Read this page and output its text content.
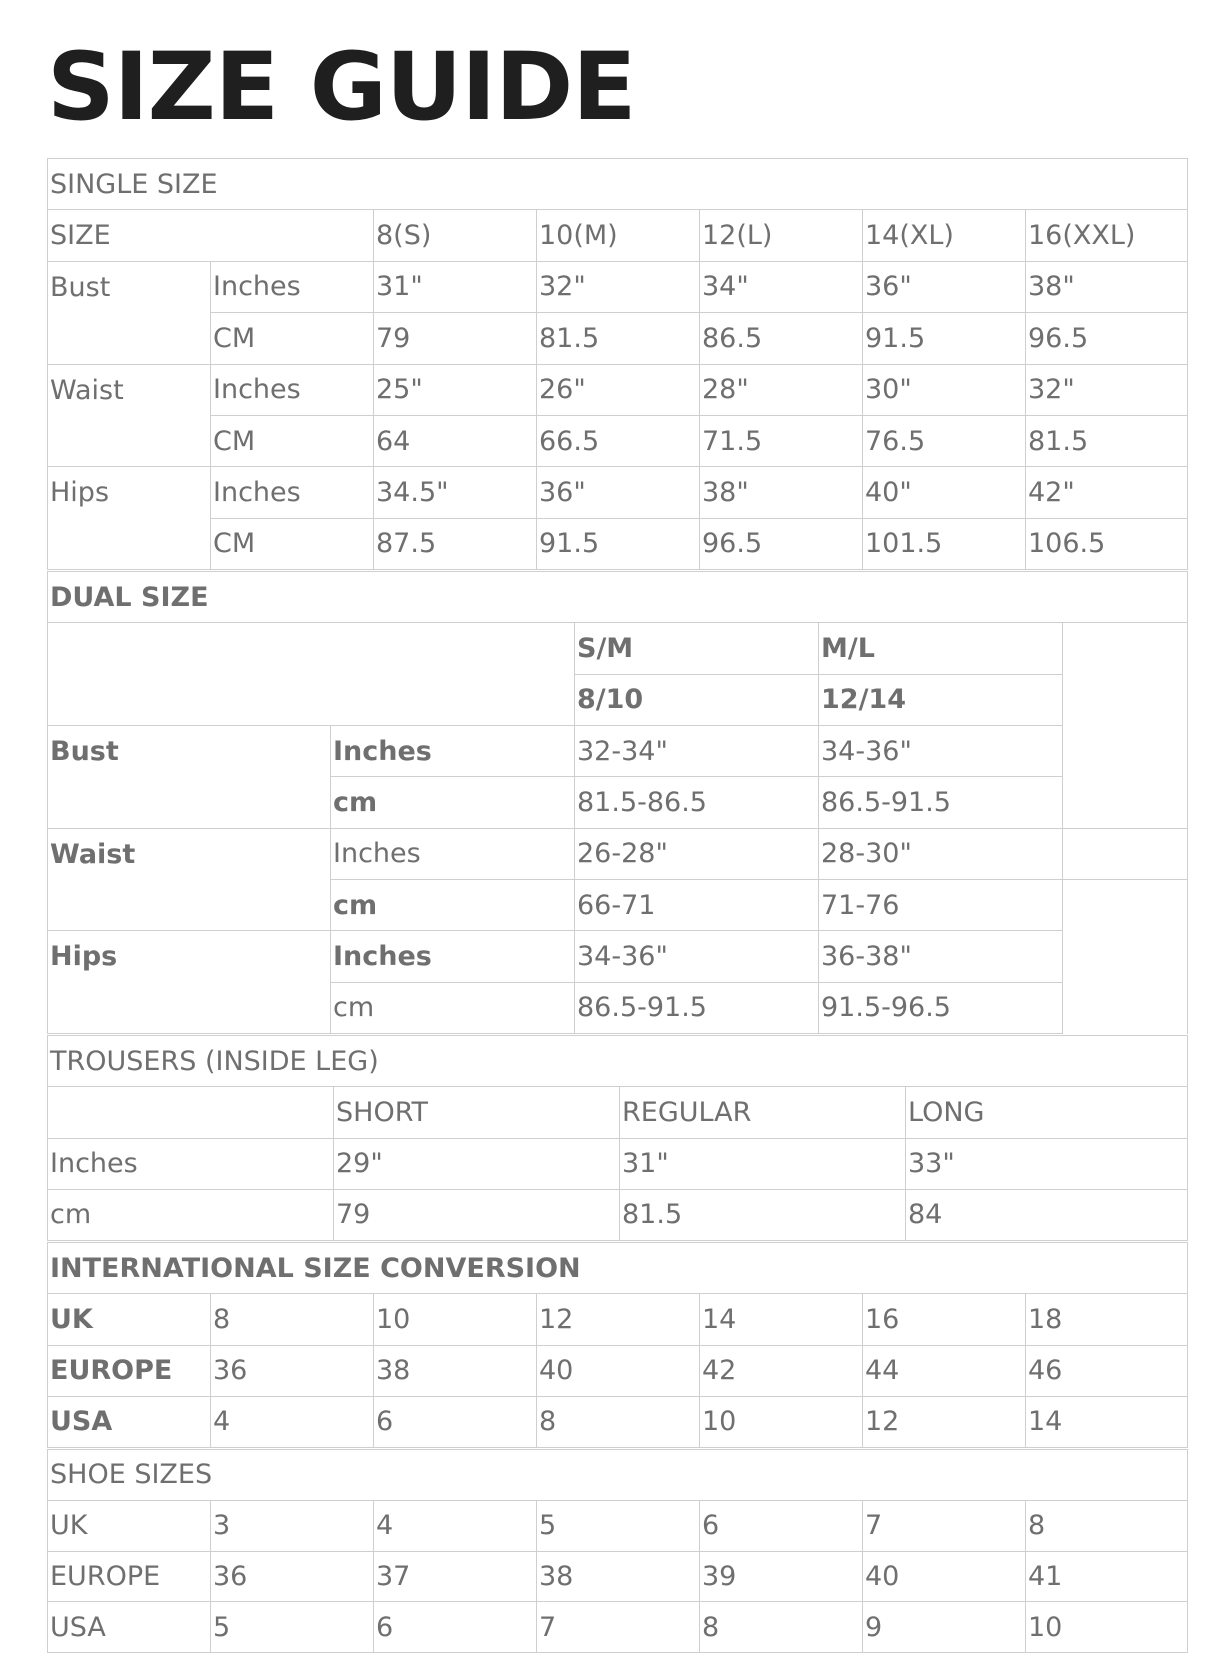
SIZE GUIDE
SINGLE SIZE						
SIZE		8(S)	10(M)	12(L)	14(XL)	16(XXL)
Bust	Inches	31"	32"	34"	36"	38"
	CM	79	81.5	86.5	91.5	96.5
Waist	Inches	25"	26"	28"	30"	32"
	CM	64	66.5	71.5	76.5	81.5
Hips	Inches	34.5"	36"	38"	40"	42"
	CM	87.5	91.5	96.5	101.5	106.5
DUAL SIZE				
		S/M	M/L	
		8/10	12/14	
Bust	Inches	32-34"	34-36"	
	cm	81.5-86.5	86.5-91.5	
Waist	Inches	26-28"	28-30"	
	cm	66-71	71-76	
Hips	Inches	34-36"	36-38"	
	cm	86.5-91.5	91.5-96.5	
TROUSERS (INSIDE LEG)			
	SHORT	REGULAR	LONG
Inches	29"	31"	33"
cm	79	81.5	84
INTERNATIONAL SIZE CONVERSION						
UK	8	10	12	14	16	18
EUROPE	36	38	40	42	44	46
USA	4	6	8	10	12	14
SHOE SIZES						
UK	3	4	5	6	7	8
EUROPE	36	37	38	39	40	41
USA	5	6	7	8	9	10
